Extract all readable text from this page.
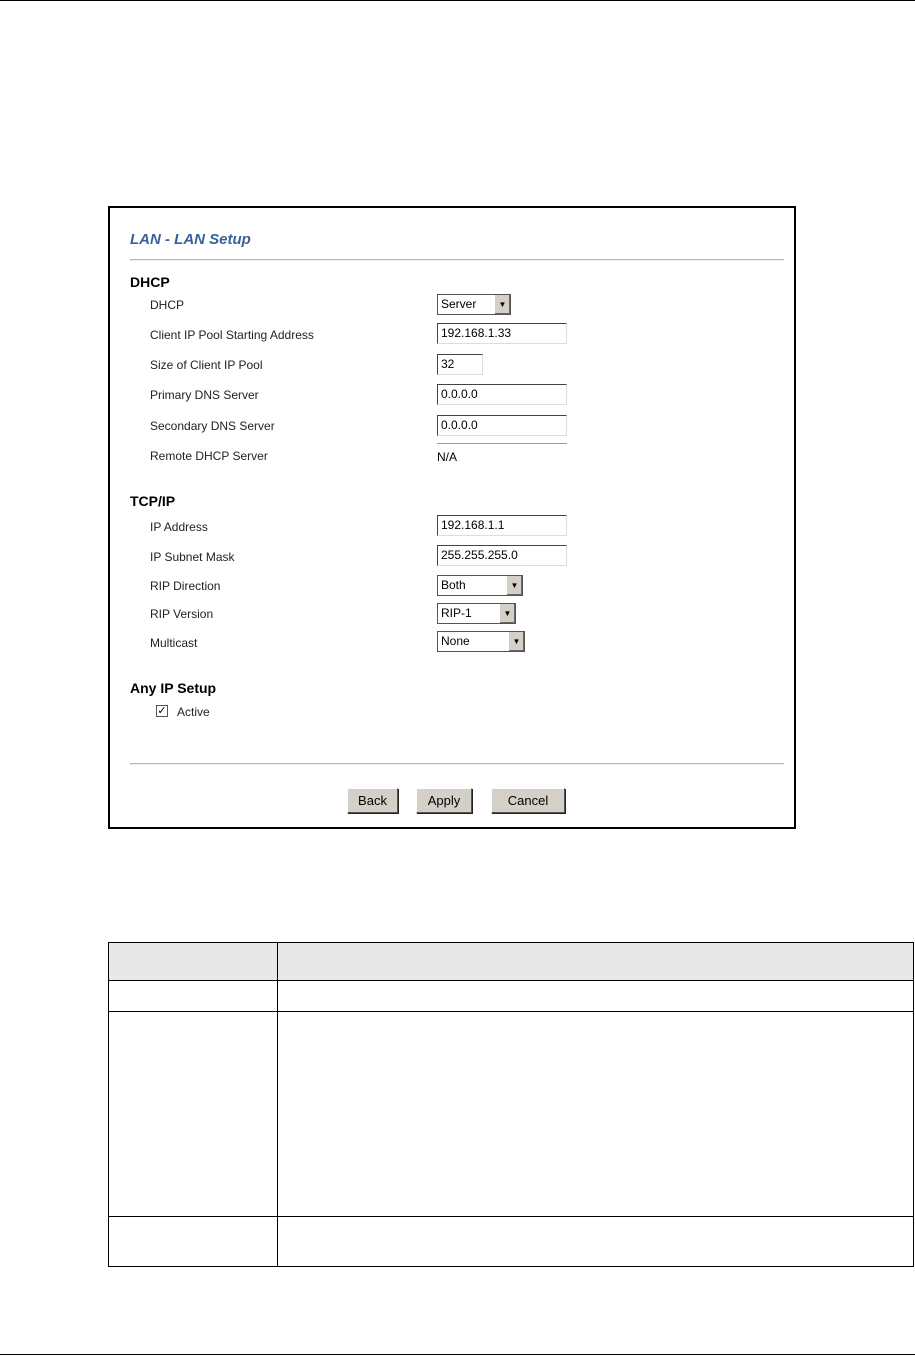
LAN - LAN Setup
DHCP
DHCP	Server	▼
Client IP Pool Starting Address	192.168.1.33
Size of Client IP Pool	32
Primary DNS Server	0.0.0.0
Secondary DNS Server	0.0.0.0
Remote DHCP Server	N/A
TCP/IP
IP Address	192.168.1.1
IP Subnet Mask	255.255.255.0
RIP Direction	Both	▼
RIP Version	RIP-1	▼
Multicast	None	▼
Any IP Setup
✓ Active
Back	Apply	Cancel
